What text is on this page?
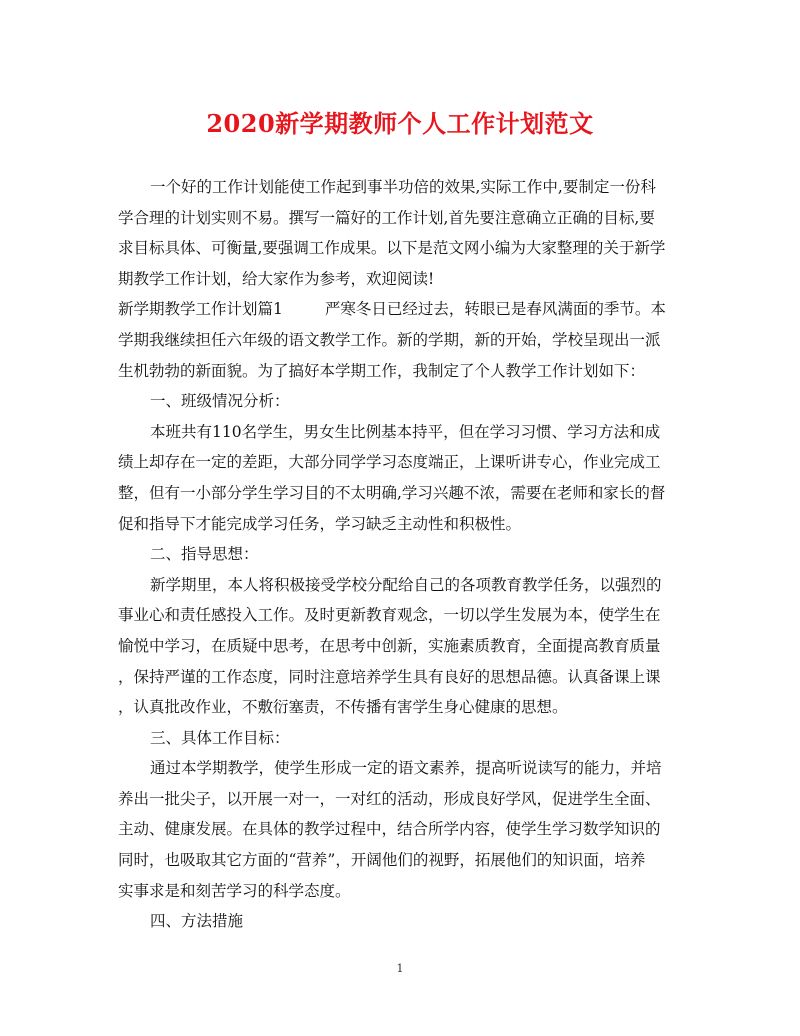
2020新学期教师个人工作计划范文
一个好的工作计划能使工作起到事半功倍的效果,实际工作中,要制定一份科
学合理的计划实则不易。撰写一篇好的工作计划,首先要注意确立正确的目标,要
求目标具体、可衡量,要强调工作成果。以下是范文网小编为大家整理的关于新学
期教学工作计划，给大家作为参考，欢迎阅读!
新学期教学工作计划篇1	严寒冬日已经过去，转眼已是春风满面的季节。本
学期我继续担任六年级的语文教学工作。新的学期，新的开始，学校呈现出一派
生机勃勃的新面貌。为了搞好本学期工作，我制定了个人教学工作计划如下：
一、班级情况分析：
本班共有110名学生，男女生比例基本持平，但在学习习惯、学习方法和成
绩上却存在一定的差距，大部分同学学习态度端正，上课听讲专心，作业完成工
整，但有一小部分学生学习目的不太明确,学习兴趣不浓，需要在老师和家长的督
促和指导下才能完成学习任务，学习缺乏主动性和积极性。
二、指导思想：
新学期里，本人将积极接受学校分配给自己的各项教育教学任务，以强烈的
事业心和责任感投入工作。及时更新教育观念，一切以学生发展为本，使学生在
愉悦中学习，在质疑中思考，在思考中创新，实施素质教育，全面提高教育质量
，保持严谨的工作态度，同时注意培养学生具有良好的思想品德。认真备课上课
，认真批改作业，不敷衍塞责，不传播有害学生身心健康的思想。
三、具体工作目标：
通过本学期教学，使学生形成一定的语文素养，提高听说读写的能力，并培
养出一批尖子，以开展一对一，一对红的活动，形成良好学风，促进学生全面、
主动、健康发展。在具体的教学过程中，结合所学内容，使学生学习数学知识的
同时，也吸取其它方面的“营养”，开阔他们的视野，拓展他们的知识面，培养
实事求是和刻苦学习的科学态度。
四、方法措施
1
